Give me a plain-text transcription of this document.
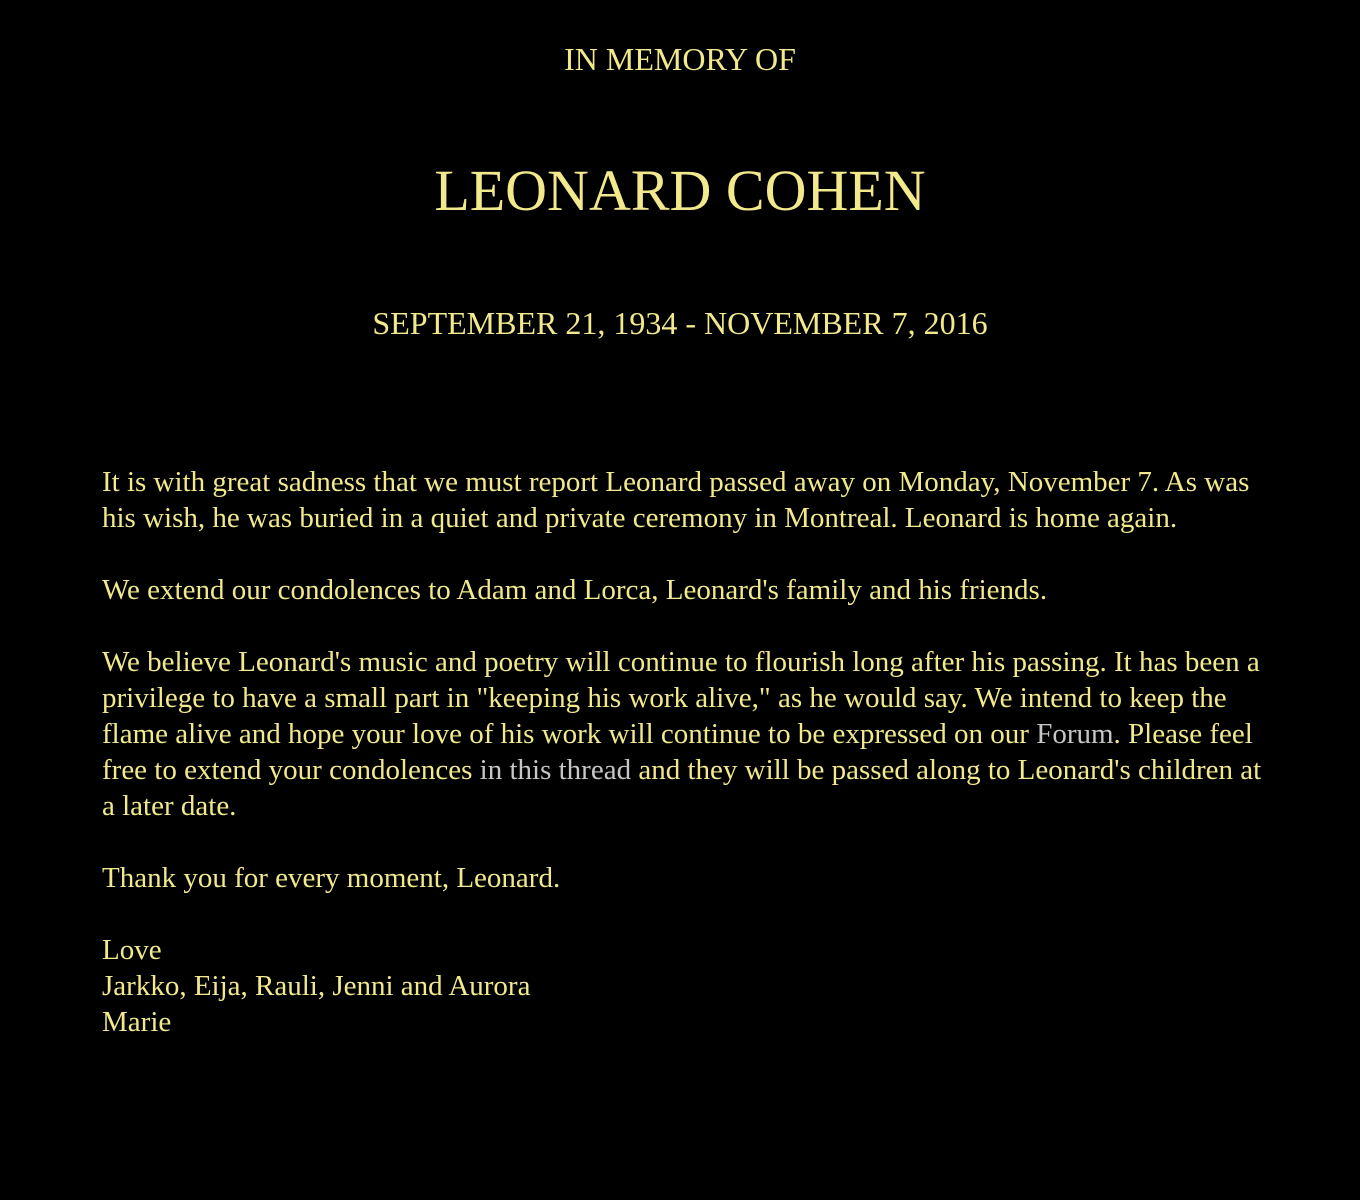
IN MEMORY OF
LEONARD COHEN
SEPTEMBER 21, 1934 - NOVEMBER 7, 2016

It is with great sadness that we must report Leonard passed away on Monday, November 7. As was his wish, he was buried in a quiet and private ceremony in Montreal. Leonard is home again.

We extend our condolences to Adam and Lorca, Leonard's family and his friends.

We believe Leonard's music and poetry will continue to flourish long after his passing. It has been a privilege to have a small part in "keeping his work alive," as he would say. We intend to keep the flame alive and hope your love of his work will continue to be expressed on our Forum. Please feel free to extend your condolences in this thread and they will be passed along to Leonard's children at a later date.

Thank you for every moment, Leonard.

Love
Jarkko, Eija, Rauli, Jenni and Aurora
Marie
